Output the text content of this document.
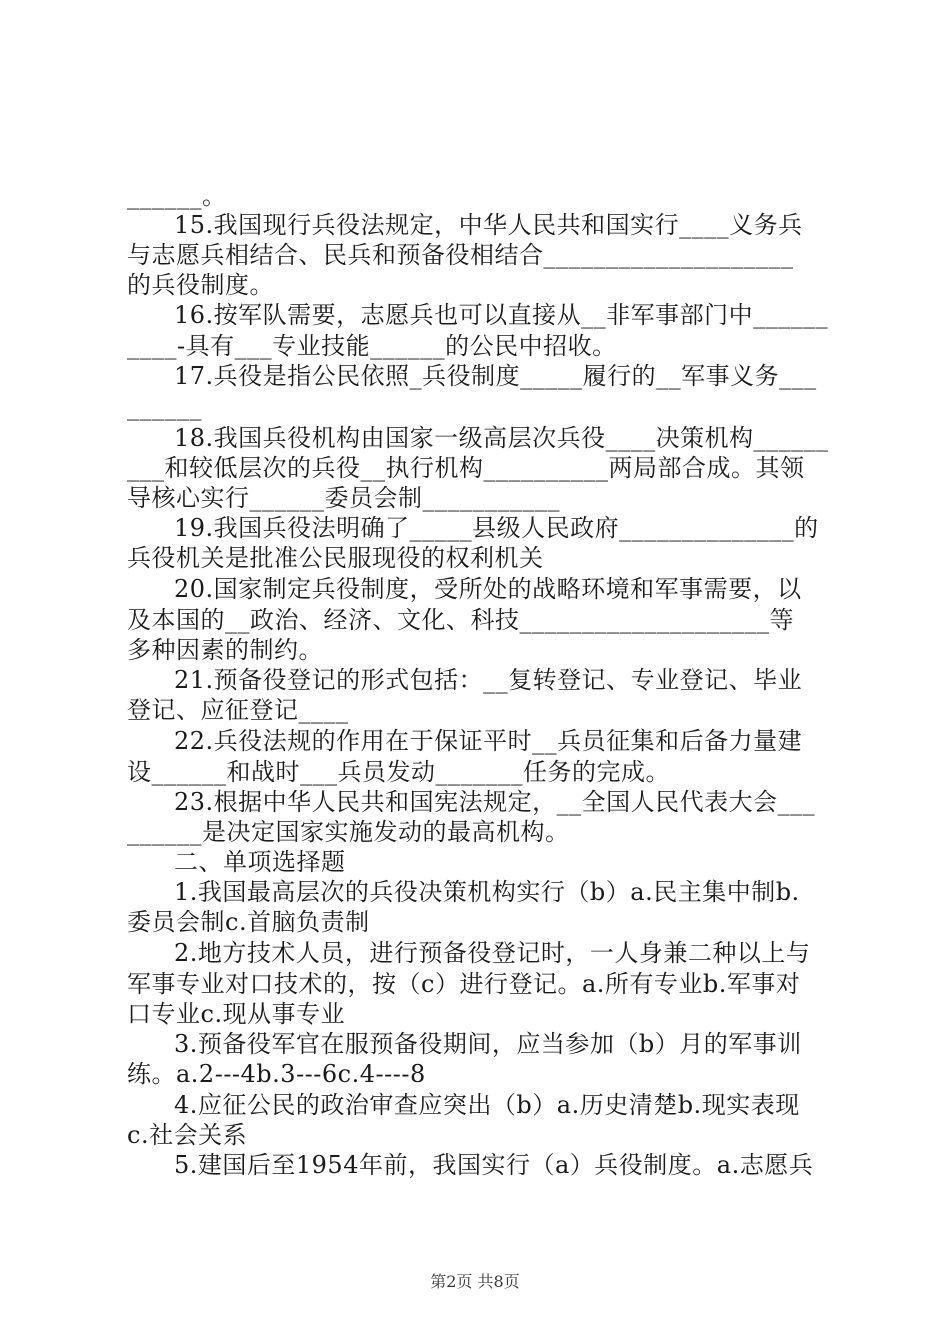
______。
15.我国现行兵役法规定，中华人民共和国实行____义务兵
与志愿兵相结合、民兵和预备役相结合____________________
的兵役制度。
16.按军队需要，志愿兵也可以直接从__非军事部门中______
____-具有___专业技能______的公民中招收。
17.兵役是指公民依照_兵役制度_____履行的__军事义务___
______
18.我国兵役机构由国家一级高层次兵役____决策机构______
___和较低层次的兵役__执行机构__________两局部合成。其领
导核心实行______委员会制___________
19.我国兵役法明确了_____县级人民政府______________的
兵役机关是批准公民服现役的权利机关
20.国家制定兵役制度，受所处的战略环境和军事需要，以
及本国的__政治、经济、文化、科技____________________等
多种因素的制约。
21.预备役登记的形式包括：__复转登记、专业登记、毕业
登记、应征登记____
22.兵役法规的作用在于保证平时__兵员征集和后备力量建
设______和战时___兵员发动_______任务的完成。
23.根据中华人民共和国宪法规定，__全国人民代表大会___
______是决定国家实施发动的最高机构。
二、单项选择题
1.我国最高层次的兵役决策机构实行（b）a.民主集中制b.
委员会制c.首脑负责制
2.地方技术人员，进行预备役登记时，一人身兼二种以上与
军事专业对口技术的，按（c）进行登记。a.所有专业b.军事对
口专业c.现从事专业
3.预备役军官在服预备役期间，应当参加（b）月的军事训
练。a.2---4b.3---6c.4----8
4.应征公民的政治审查应突出（b）a.历史清楚b.现实表现
c.社会关系
5.建国后至1954年前，我国实行（a）兵役制度。a.志愿兵
第2页 共8页
